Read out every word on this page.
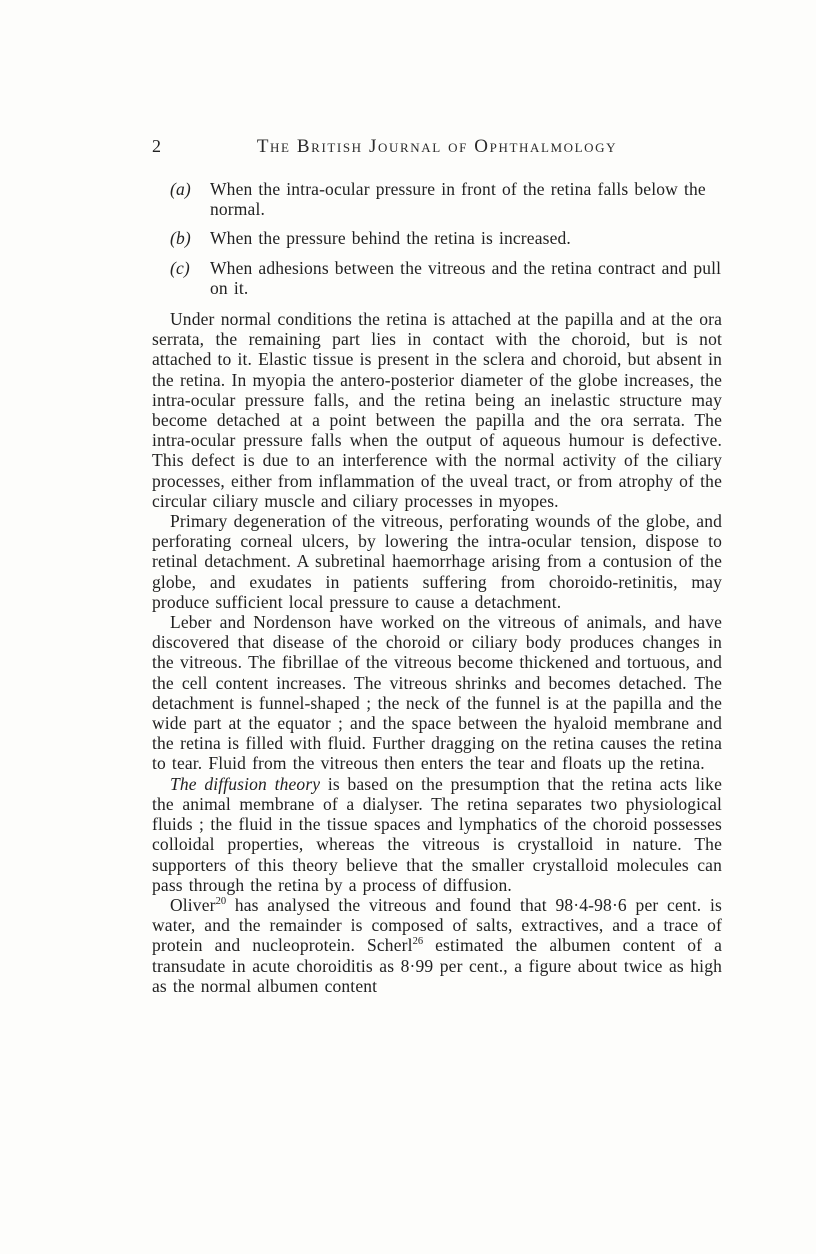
2	The British Journal of Ophthalmology
(a)	When the intra-ocular pressure in front of the retina falls below the normal.
(b)	When the pressure behind the retina is increased.
(c)	When adhesions between the vitreous and the retina contract and pull on it.

Under normal conditions the retina is attached at the papilla and at the ora serrata, the remaining part lies in contact with the choroid, but is not attached to it. Elastic tissue is present in the sclera and choroid, but absent in the retina. In myopia the antero-posterior diameter of the globe increases, the intra-ocular pressure falls, and the retina being an inelastic structure may become detached at a point between the papilla and the ora serrata. The intra-ocular pressure falls when the output of aqueous humour is defective. This defect is due to an interference with the normal activity of the ciliary processes, either from inflammation of the uveal tract, or from atrophy of the circular ciliary muscle and ciliary processes in myopes.

Primary degeneration of the vitreous, perforating wounds of the globe, and perforating corneal ulcers, by lowering the intra-ocular tension, dispose to retinal detachment. A subretinal haemorrhage arising from a contusion of the globe, and exudates in patients suffering from choroido-retinitis, may produce sufficient local pressure to cause a detachment.

Leber and Nordenson have worked on the vitreous of animals, and have discovered that disease of the choroid or ciliary body produces changes in the vitreous. The fibrillae of the vitreous become thickened and tortuous, and the cell content increases. The vitreous shrinks and becomes detached. The detachment is funnel-shaped ; the neck of the funnel is at the papilla and the wide part at the equator ; and the space between the hyaloid membrane and the retina is filled with fluid. Further dragging on the retina causes the retina to tear. Fluid from the vitreous then enters the tear and floats up the retina.

The diffusion theory is based on the presumption that the retina acts like the animal membrane of a dialyser. The retina separates two physiological fluids ; the fluid in the tissue spaces and lymphatics of the choroid possesses colloidal properties, whereas the vitreous is crystalloid in nature. The supporters of this theory believe that the smaller crystalloid molecules can pass through the retina by a process of diffusion.

Oliver$^{20}$ has analysed the vitreous and found that 98·4-98·6 per cent. is water, and the remainder is composed of salts, extractives, and a trace of protein and nucleoprotein. Scherl$^{26}$ estimated the albumen content of a transudate in acute choroiditis as 8·99 per cent., a figure about twice as high as the normal albumen content
